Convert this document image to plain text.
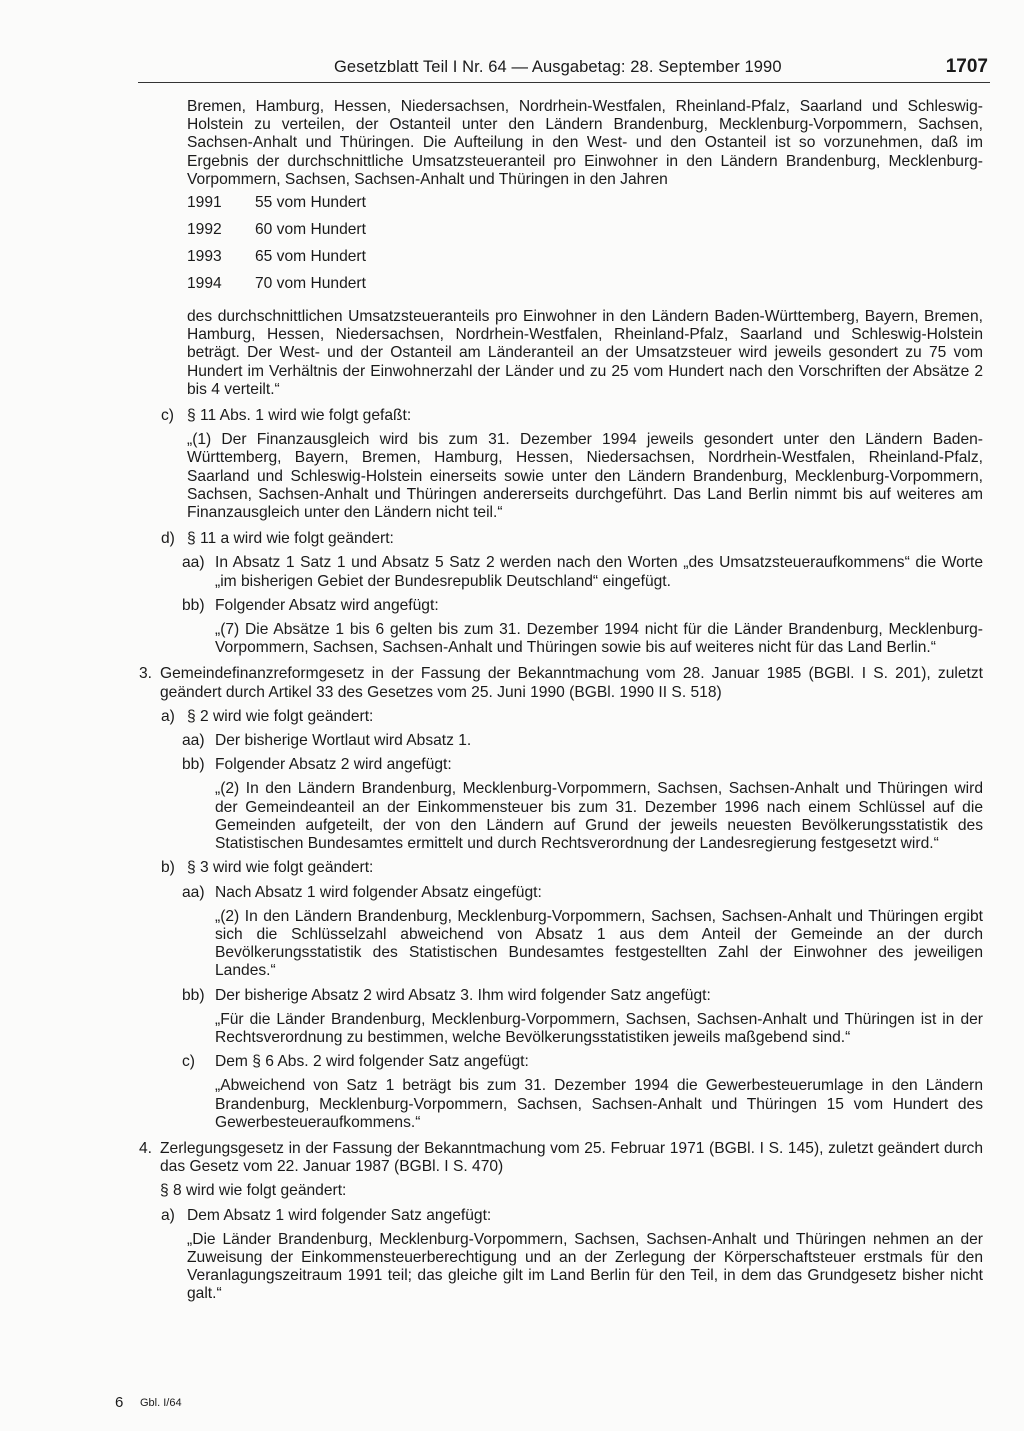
Gesetzblatt Teil I Nr. 64 — Ausgabetag: 28. September 1990	1707
Bremen, Hamburg, Hessen, Niedersachsen, Nordrhein-Westfalen, Rheinland-Pfalz, Saarland und Schleswig-Holstein zu verteilen, der Ostanteil unter den Ländern Brandenburg, Mecklenburg-Vorpommern, Sachsen, Sachsen-Anhalt und Thüringen. Die Aufteilung in den West- und den Ostanteil ist so vorzunehmen, daß im Ergebnis der durchschnittliche Umsatzsteueranteil pro Einwohner in den Ländern Brandenburg, Mecklenburg-Vorpommern, Sachsen, Sachsen-Anhalt und Thüringen in den Jahren
1991 55 vom Hundert
1992 60 vom Hundert
1993 65 vom Hundert
1994 70 vom Hundert
des durchschnittlichen Umsatzsteueranteils pro Einwohner in den Ländern Baden-Württemberg, Bayern, Bremen, Hamburg, Hessen, Niedersachsen, Nordrhein-Westfalen, Rheinland-Pfalz, Saarland und Schleswig-Holstein beträgt. Der West- und der Ostanteil am Länderanteil an der Umsatzsteuer wird jeweils gesondert zu 75 vom Hundert im Verhältnis der Einwohnerzahl der Länder und zu 25 vom Hundert nach den Vorschriften der Absätze 2 bis 4 verteilt.“
c) § 11 Abs. 1 wird wie folgt gefaßt:
„(1) Der Finanzausgleich wird bis zum 31. Dezember 1994 jeweils gesondert unter den Ländern Baden-Württemberg, Bayern, Bremen, Hamburg, Hessen, Niedersachsen, Nordrhein-Westfalen, Rheinland-Pfalz, Saarland und Schleswig-Holstein einerseits sowie unter den Ländern Brandenburg, Mecklenburg-Vorpommern, Sachsen, Sachsen-Anhalt und Thüringen andererseits durchgeführt. Das Land Berlin nimmt bis auf weiteres am Finanzausgleich unter den Ländern nicht teil.“
d) § 11 a wird wie folgt geändert:
aa) In Absatz 1 Satz 1 und Absatz 5 Satz 2 werden nach den Worten „des Umsatzsteueraufkommens“ die Worte „im bisherigen Gebiet der Bundesrepublik Deutschland“ eingefügt.
bb) Folgender Absatz wird angefügt:
„(7) Die Absätze 1 bis 6 gelten bis zum 31. Dezember 1994 nicht für die Länder Brandenburg, Mecklenburg-Vorpommern, Sachsen, Sachsen-Anhalt und Thüringen sowie bis auf weiteres nicht für das Land Berlin.“
3. Gemeindefinanzreformgesetz in der Fassung der Bekanntmachung vom 28. Januar 1985 (BGBl. I S. 201), zuletzt geändert durch Artikel 33 des Gesetzes vom 25. Juni 1990 (BGBl. 1990 II S. 518)
a) § 2 wird wie folgt geändert:
aa) Der bisherige Wortlaut wird Absatz 1.
bb) Folgender Absatz 2 wird angefügt:
„(2) In den Ländern Brandenburg, Mecklenburg-Vorpommern, Sachsen, Sachsen-Anhalt und Thüringen wird der Gemeindeanteil an der Einkommensteuer bis zum 31. Dezember 1996 nach einem Schlüssel auf die Gemeinden aufgeteilt, der von den Ländern auf Grund der jeweils neuesten Bevölkerungsstatistik des Statistischen Bundesamtes ermittelt und durch Rechtsverordnung der Landesregierung festgesetzt wird.“
b) § 3 wird wie folgt geändert:
aa) Nach Absatz 1 wird folgender Absatz eingefügt:
„(2) In den Ländern Brandenburg, Mecklenburg-Vorpommern, Sachsen, Sachsen-Anhalt und Thüringen ergibt sich die Schlüsselzahl abweichend von Absatz 1 aus dem Anteil der Gemeinde an der durch Bevölkerungsstatistik des Statistischen Bundesamtes festgestellten Zahl der Einwohner des jeweiligen Landes.“
bb) Der bisherige Absatz 2 wird Absatz 3. Ihm wird folgender Satz angefügt:
„Für die Länder Brandenburg, Mecklenburg-Vorpommern, Sachsen, Sachsen-Anhalt und Thüringen ist in der Rechtsverordnung zu bestimmen, welche Bevölkerungsstatistiken jeweils maßgebend sind.“
c) Dem § 6 Abs. 2 wird folgender Satz angefügt:
„Abweichend von Satz 1 beträgt bis zum 31. Dezember 1994 die Gewerbesteuerumlage in den Ländern Brandenburg, Mecklenburg-Vorpommern, Sachsen, Sachsen-Anhalt und Thüringen 15 vom Hundert des Gewerbesteueraufkommens.“
4. Zerlegungsgesetz in der Fassung der Bekanntmachung vom 25. Februar 1971 (BGBl. I S. 145), zuletzt geändert durch das Gesetz vom 22. Januar 1987 (BGBl. I S. 470)
§ 8 wird wie folgt geändert:
a) Dem Absatz 1 wird folgender Satz angefügt:
„Die Länder Brandenburg, Mecklenburg-Vorpommern, Sachsen, Sachsen-Anhalt und Thüringen nehmen an der Zuweisung der Einkommensteuerberechtigung und an der Zerlegung der Körperschaftsteuer erstmals für den Veranlagungszeitraum 1991 teil; das gleiche gilt im Land Berlin für den Teil, in dem das Grundgesetz bisher nicht galt.“
6 Gbl. I/64
